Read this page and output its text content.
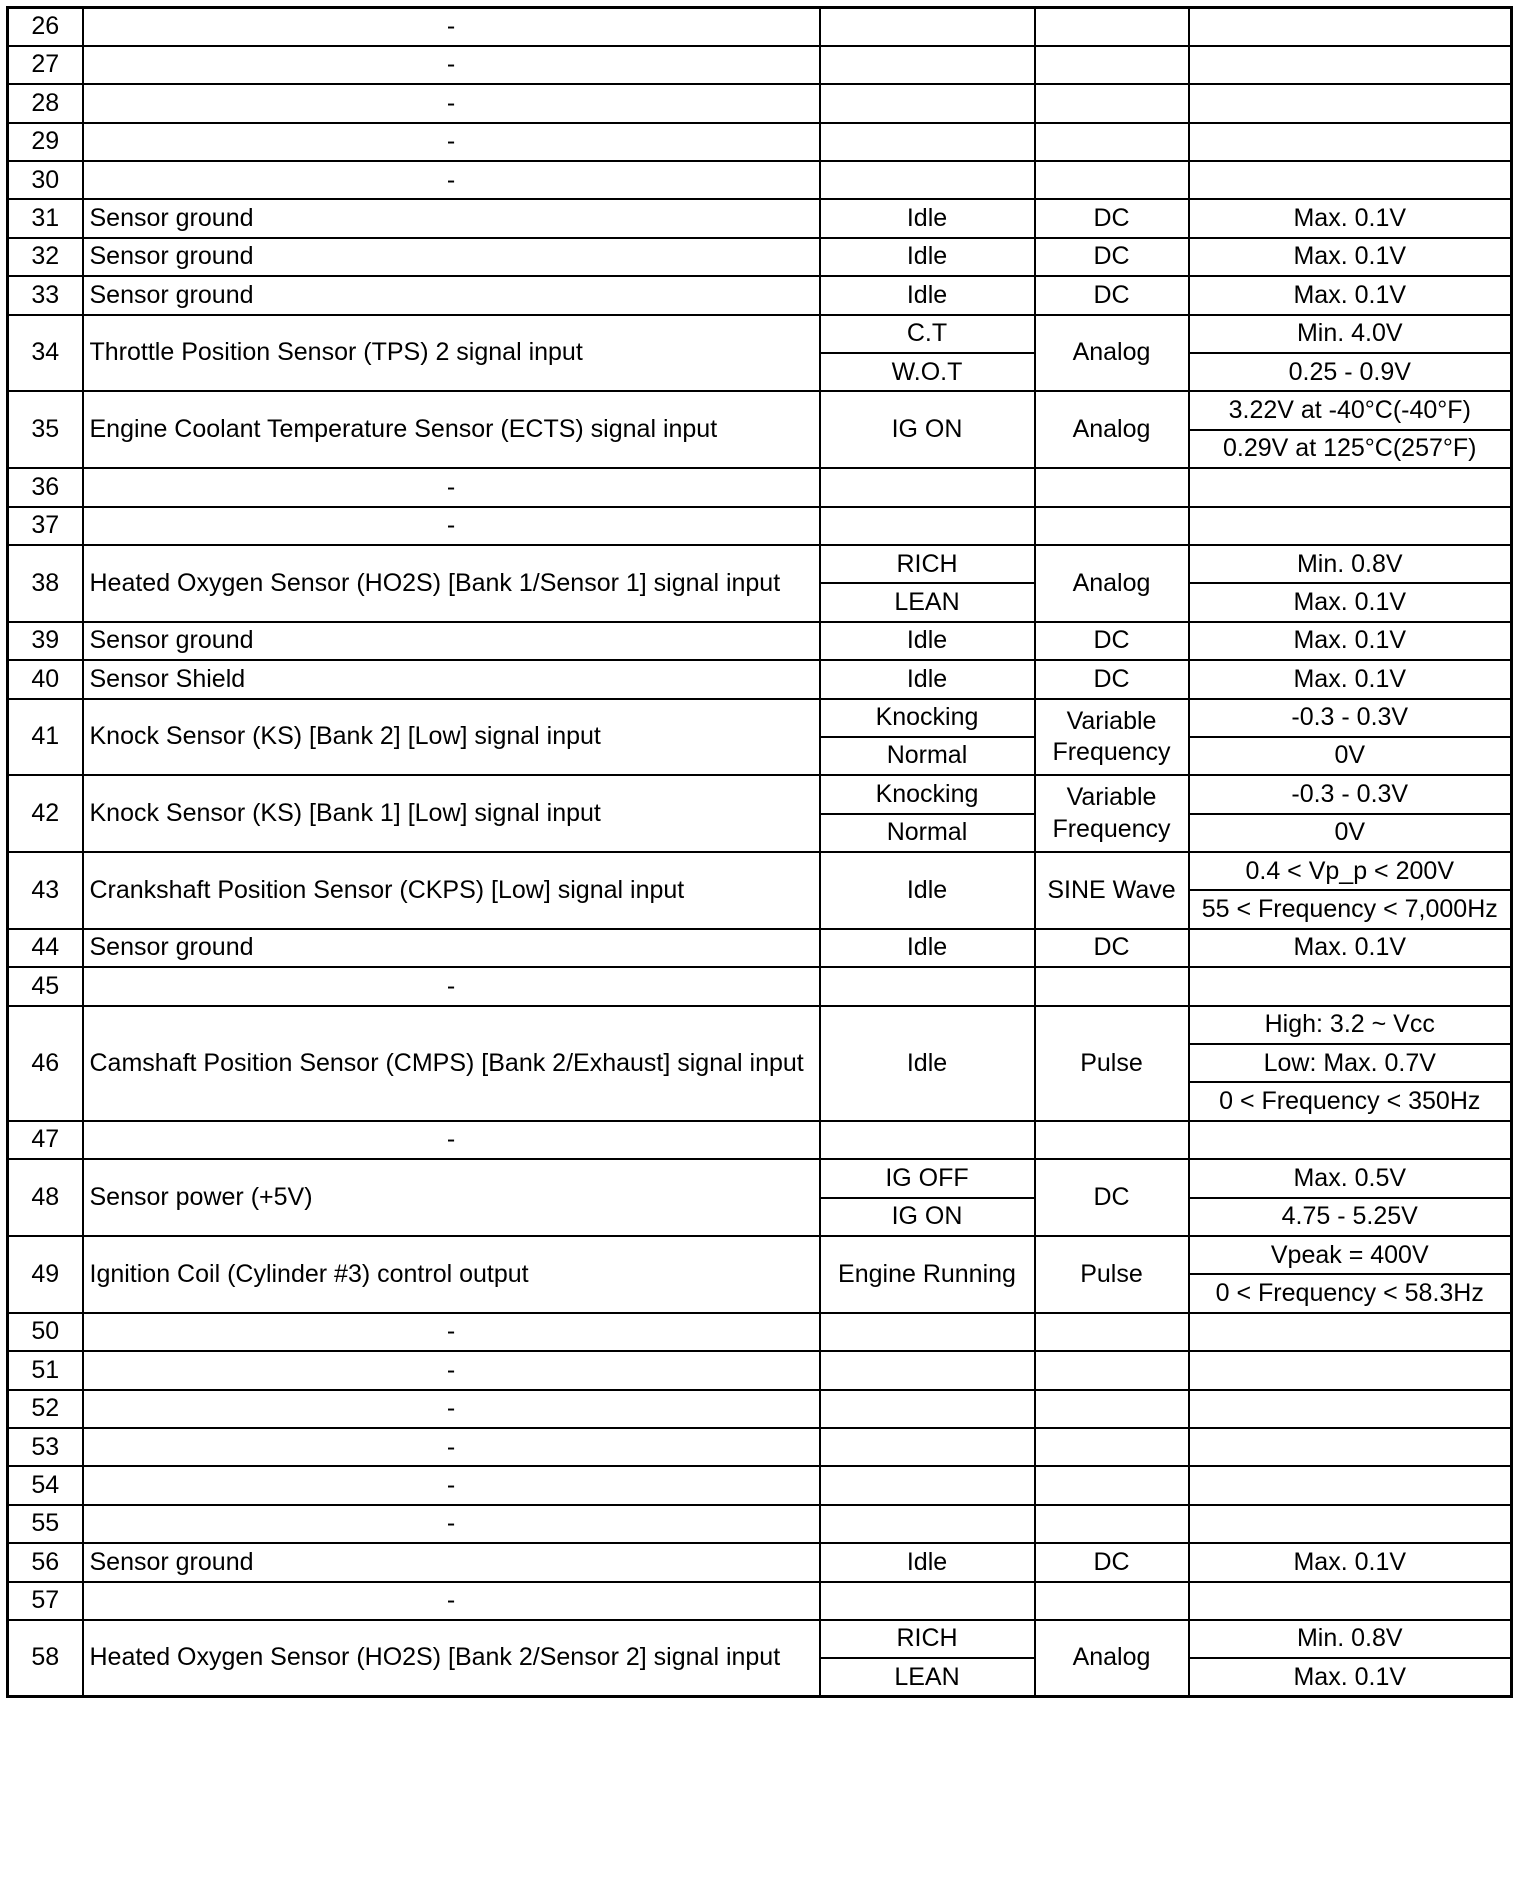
26	-			
27	-			
28	-			
29	-			
30	-			
31	Sensor ground	Idle	DC	Max. 0.1V
32	Sensor ground	Idle	DC	Max. 0.1V
33	Sensor ground	Idle	DC	Max. 0.1V
34	Throttle Position Sensor (TPS) 2 signal input	C.T	Analog	Min. 4.0V
		W.O.T		0.25 - 0.9V
35	Engine Coolant Temperature Sensor (ECTS) signal input	IG ON	Analog	3.22V at -40°C(-40°F)
				0.29V at 125°C(257°F)
36	-			
37	-			
38	Heated Oxygen Sensor (HO2S) [Bank 1/Sensor 1] signal input	RICH	Analog	Min. 0.8V
		LEAN		Max. 0.1V
39	Sensor ground	Idle	DC	Max. 0.1V
40	Sensor Shield	Idle	DC	Max. 0.1V
41	Knock Sensor (KS) [Bank 2] [Low] signal input	Knocking	Variable Frequency	-0.3 - 0.3V
		Normal		0V
42	Knock Sensor (KS) [Bank 1] [Low] signal input	Knocking	Variable Frequency	-0.3 - 0.3V
		Normal		0V
43	Crankshaft Position Sensor (CKPS) [Low] signal input	Idle	SINE Wave	0.4 < Vp_p < 200V
				55 < Frequency < 7,000Hz
44	Sensor ground	Idle	DC	Max. 0.1V
45	-			
46	Camshaft Position Sensor (CMPS) [Bank 2/Exhaust] signal input	Idle	Pulse	High: 3.2 ~ Vcc
				Low: Max. 0.7V
				0 < Frequency < 350Hz
47	-			
48	Sensor power (+5V)	IG OFF	DC	Max. 0.5V
		IG ON		4.75 - 5.25V
49	Ignition Coil (Cylinder #3) control output	Engine Running	Pulse	Vpeak = 400V
				0 < Frequency < 58.3Hz
50	-			
51	-			
52	-			
53	-			
54	-			
55	-			
56	Sensor ground	Idle	DC	Max. 0.1V
57	-			
58	Heated Oxygen Sensor (HO2S) [Bank 2/Sensor 2] signal input	RICH	Analog	Min. 0.8V
		LEAN		Max. 0.1V
